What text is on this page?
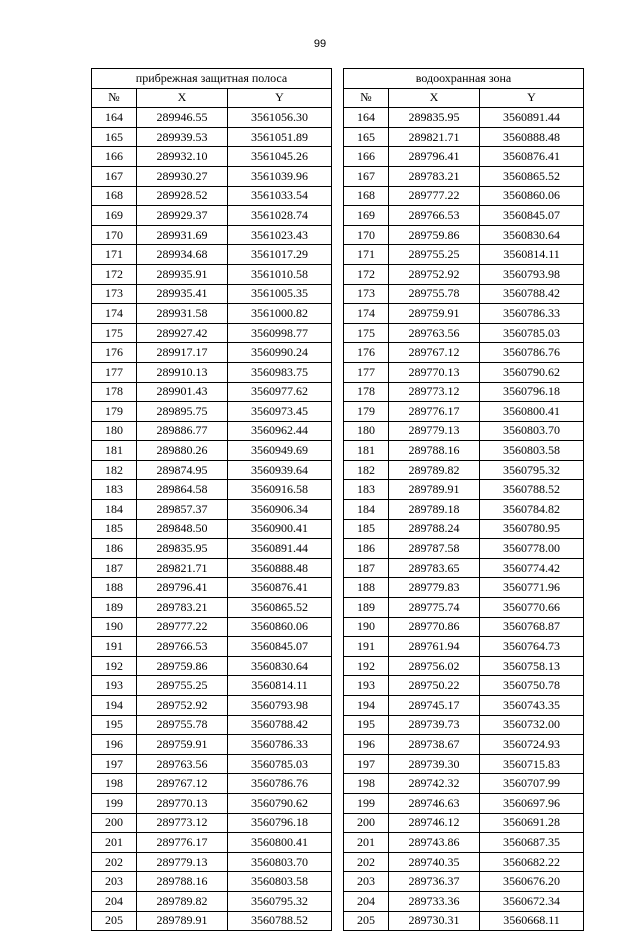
99
прибрежная защитная полоса		
№	X	Y
164	289946.55	3561056.30
165	289939.53	3561051.89
166	289932.10	3561045.26
167	289930.27	3561039.96
168	289928.52	3561033.54
169	289929.37	3561028.74
170	289931.69	3561023.43
171	289934.68	3561017.29
172	289935.91	3561010.58
173	289935.41	3561005.35
174	289931.58	3561000.82
175	289927.42	3560998.77
176	289917.17	3560990.24
177	289910.13	3560983.75
178	289901.43	3560977.62
179	289895.75	3560973.45
180	289886.77	3560962.44
181	289880.26	3560949.69
182	289874.95	3560939.64
183	289864.58	3560916.58
184	289857.37	3560906.34
185	289848.50	3560900.41
186	289835.95	3560891.44
187	289821.71	3560888.48
188	289796.41	3560876.41
189	289783.21	3560865.52
190	289777.22	3560860.06
191	289766.53	3560845.07
192	289759.86	3560830.64
193	289755.25	3560814.11
194	289752.92	3560793.98
195	289755.78	3560788.42
196	289759.91	3560786.33
197	289763.56	3560785.03
198	289767.12	3560786.76
199	289770.13	3560790.62
200	289773.12	3560796.18
201	289776.17	3560800.41
202	289779.13	3560803.70
203	289788.16	3560803.58
204	289789.82	3560795.32
205	289789.91	3560788.52
водоохранная зона		
№	X	Y
164	289835.95	3560891.44
165	289821.71	3560888.48
166	289796.41	3560876.41
167	289783.21	3560865.52
168	289777.22	3560860.06
169	289766.53	3560845.07
170	289759.86	3560830.64
171	289755.25	3560814.11
172	289752.92	3560793.98
173	289755.78	3560788.42
174	289759.91	3560786.33
175	289763.56	3560785.03
176	289767.12	3560786.76
177	289770.13	3560790.62
178	289773.12	3560796.18
179	289776.17	3560800.41
180	289779.13	3560803.70
181	289788.16	3560803.58
182	289789.82	3560795.32
183	289789.91	3560788.52
184	289789.18	3560784.82
185	289788.24	3560780.95
186	289787.58	3560778.00
187	289783.65	3560774.42
188	289779.83	3560771.96
189	289775.74	3560770.66
190	289770.86	3560768.87
191	289761.94	3560764.73
192	289756.02	3560758.13
193	289750.22	3560750.78
194	289745.17	3560743.35
195	289739.73	3560732.00
196	289738.67	3560724.93
197	289739.30	3560715.83
198	289742.32	3560707.99
199	289746.63	3560697.96
200	289746.12	3560691.28
201	289743.86	3560687.35
202	289740.35	3560682.22
203	289736.37	3560676.20
204	289733.36	3560672.34
205	289730.31	3560668.11
